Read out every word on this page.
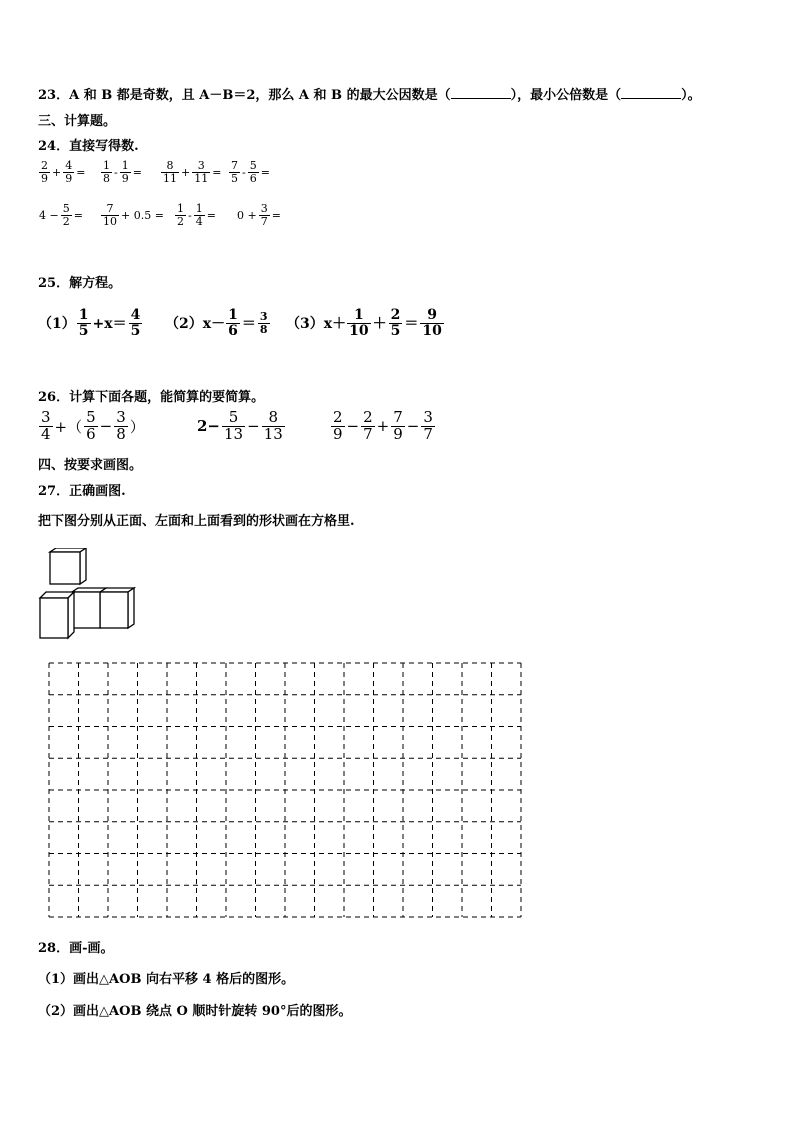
23．A 和 B 都是奇数，且 A－B＝2，那么 A 和 B 的最大公因数是（	），最小公倍数是（	）。
三、计算题。
24．直接写得数.
$\frac{2}{9} + \frac{4}{9} = \frac{1}{8} - \frac{1}{9} = \frac{8}{11} + \frac{3}{11} = \frac{7}{5} - \frac{5}{6}$ =
$4 - \frac{5}{2} = \frac{7}{10} + 0.5 = \frac{1}{2} - \frac{1}{4} = 0 + \frac{3}{7}$ =
25．解方程。
$(1) \frac{1}{5} +x= \frac{4}{5} (2)x- \frac{1}{6} = \frac{3}{8} (3)x+ \frac{1}{10} + \frac{2}{5} = \frac{9}{10}$
26．计算下面各题，能简算的要简算。
$\frac{3}{4}$ +（ $\frac{5}{6} - \frac{3}{8}$ ）	$2- \frac{5}{13} - \frac{8}{13}$	$\frac{2}{9} - \frac{2}{7} + \frac{7}{9} - \frac{3}{7}$
四、按要求画图。
27．正确画图.
把下图分别从正面、左面和上面看到的形状画在方格里.
28．画-画。
（1）画出△AOB 向右平移 4 格后的图形。
（2）画出△AOB 绕点 O 顺时针旋转 90°后的图形。
